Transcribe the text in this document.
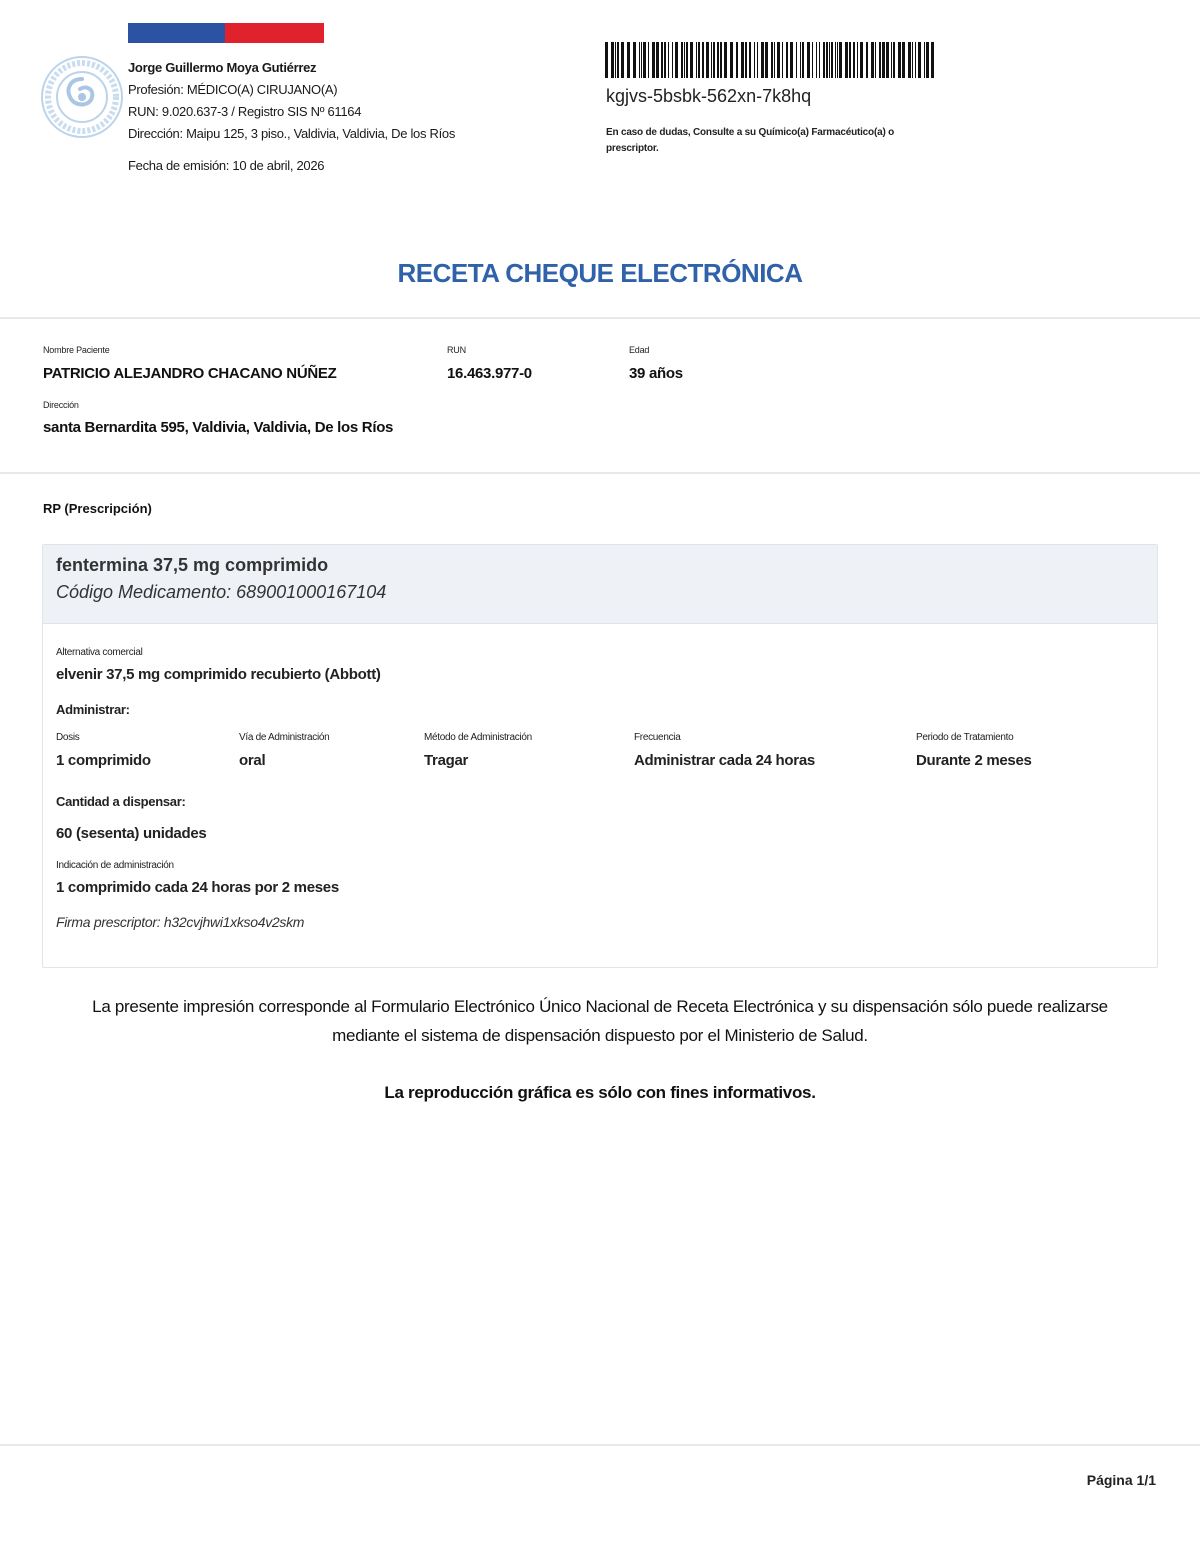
Jorge Guillermo Moya Gutiérrez
Profesión: MÉDICO(A) CIRUJANO(A)
RUN: 9.020.637-3 / Registro SIS Nº 61164
Dirección: Maipu 125, 3 piso., Valdivia, Valdivia, De los Ríos
Fecha de emisión: 10 de abril, 2026
kgjvs-5bsbk-562xn-7k8hq
En caso de dudas, Consulte a su Químico(a) Farmacéutico(a) o prescriptor.
RECETA CHEQUE ELECTRÓNICA
Nombre Paciente
PATRICIO ALEJANDRO CHACANO NÚÑEZ
RUN
16.463.977-0
Edad
39 años
Dirección
santa Bernardita 595, Valdivia, Valdivia, De los Ríos
RP (Prescripción)
fentermina 37,5 mg comprimido
Código Medicamento: 689001000167104
Alternativa comercial
elvenir 37,5 mg comprimido recubierto (Abbott)
Administrar:
Dosis
1 comprimido
Vía de Administración
oral
Método de Administración
Tragar
Frecuencia
Administrar cada 24 horas
Periodo de Tratamiento
Durante 2 meses
Cantidad a dispensar:
60 (sesenta) unidades
Indicación de administración
1 comprimido cada 24 horas por 2 meses
Firma prescriptor: h32cvjhwi1xkso4v2skm
La presente impresión corresponde al Formulario Electrónico Único Nacional de Receta Electrónica y su dispensación sólo puede realizarse
mediante el sistema de dispensación dispuesto por el Ministerio de Salud.
La reproducción gráfica es sólo con fines informativos.
Página 1/1
